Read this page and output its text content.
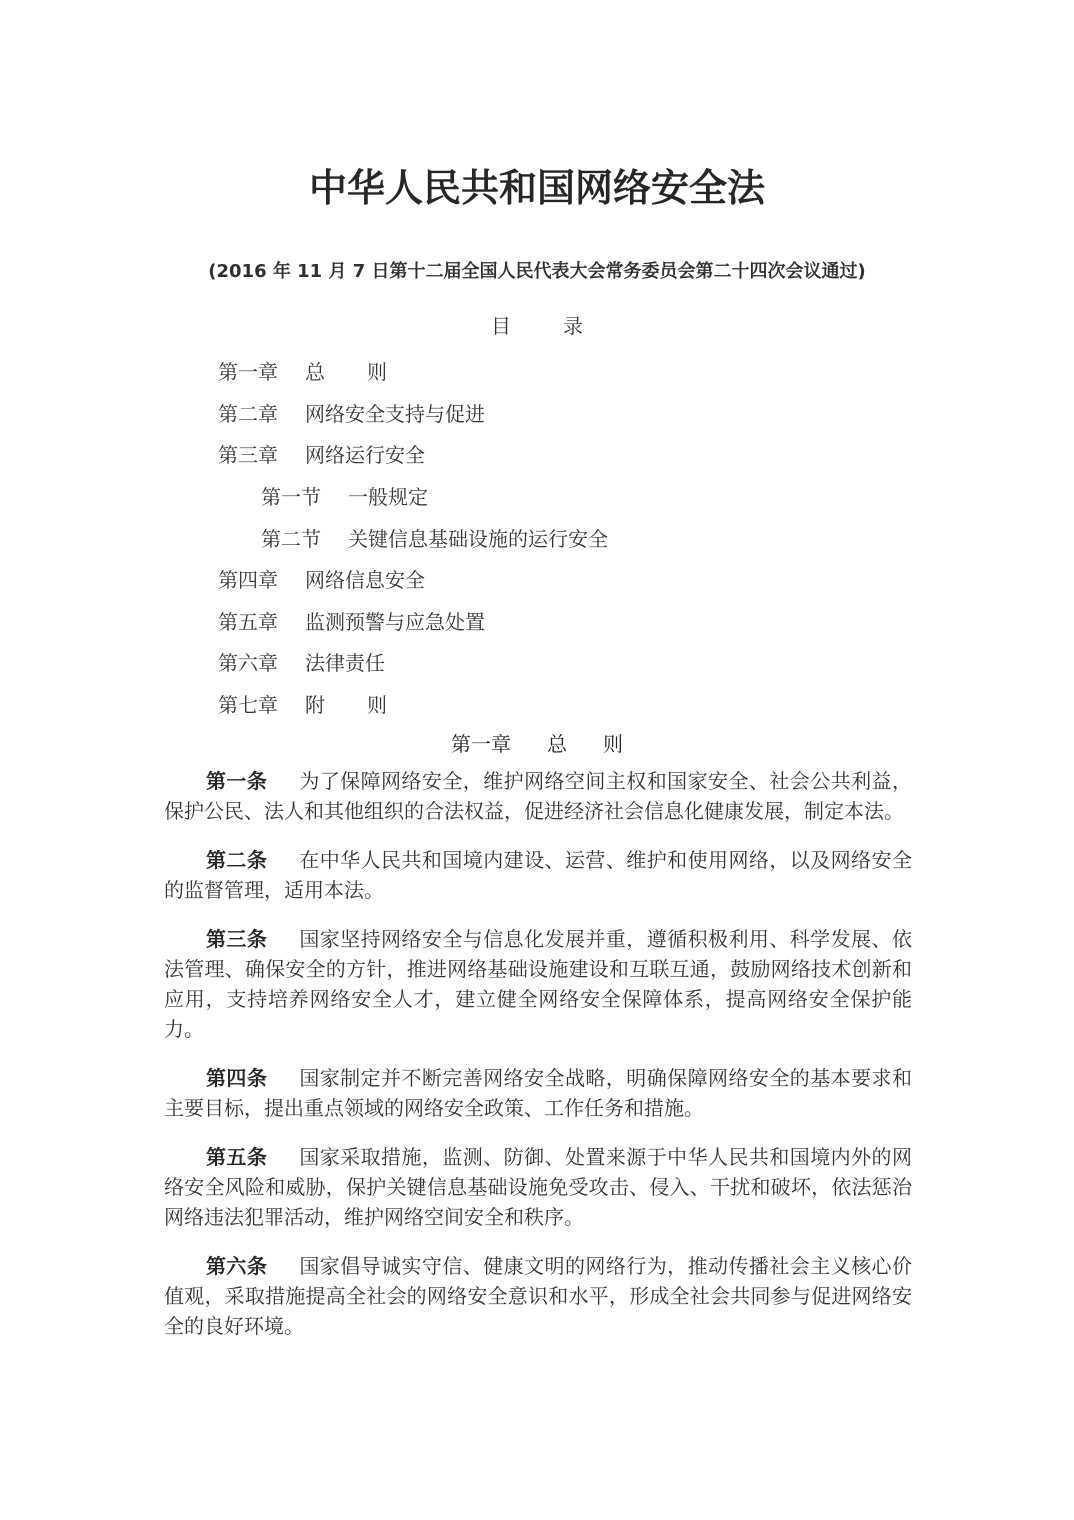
中华人民共和国网络安全法
(2016 年 11 月 7 日第十二届全国人民代表大会常务委员会第二十四次会议通过)
目	录
第一章	总则
第二章	网络安全支持与促进
第三章	网络运行安全
第一节	一般规定
第二节	关键信息基础设施的运行安全
第四章	网络信息安全
第五章	监测预警与应急处置
第六章	法律责任
第七章	附则
第一章 总则

第一条 为了保障网络安全，维护网络空间主权和国家安全、社会公共利益，保护公民、法人和其他组织的合法权益，促进经济社会信息化健康发展，制定本法。

第二条 在中华人民共和国境内建设、运营、维护和使用网络，以及网络安全的监督管理，适用本法。

第三条 国家坚持网络安全与信息化发展并重，遵循积极利用、科学发展、依法管理、确保安全的方针，推进网络基础设施建设和互联互通，鼓励网络技术创新和应用，支持培养网络安全人才，建立健全网络安全保障体系，提高网络安全保护能力。

第四条 国家制定并不断完善网络安全战略，明确保障网络安全的基本要求和主要目标，提出重点领域的网络安全政策、工作任务和措施。

第五条 国家采取措施，监测、防御、处置来源于中华人民共和国境内外的网络安全风险和威胁，保护关键信息基础设施免受攻击、侵入、干扰和破坏，依法惩治网络违法犯罪活动，维护网络空间安全和秩序。

第六条 国家倡导诚实守信、健康文明的网络行为，推动传播社会主义核心价值观，采取措施提高全社会的网络安全意识和水平，形成全社会共同参与促进网络安全的良好环境。
